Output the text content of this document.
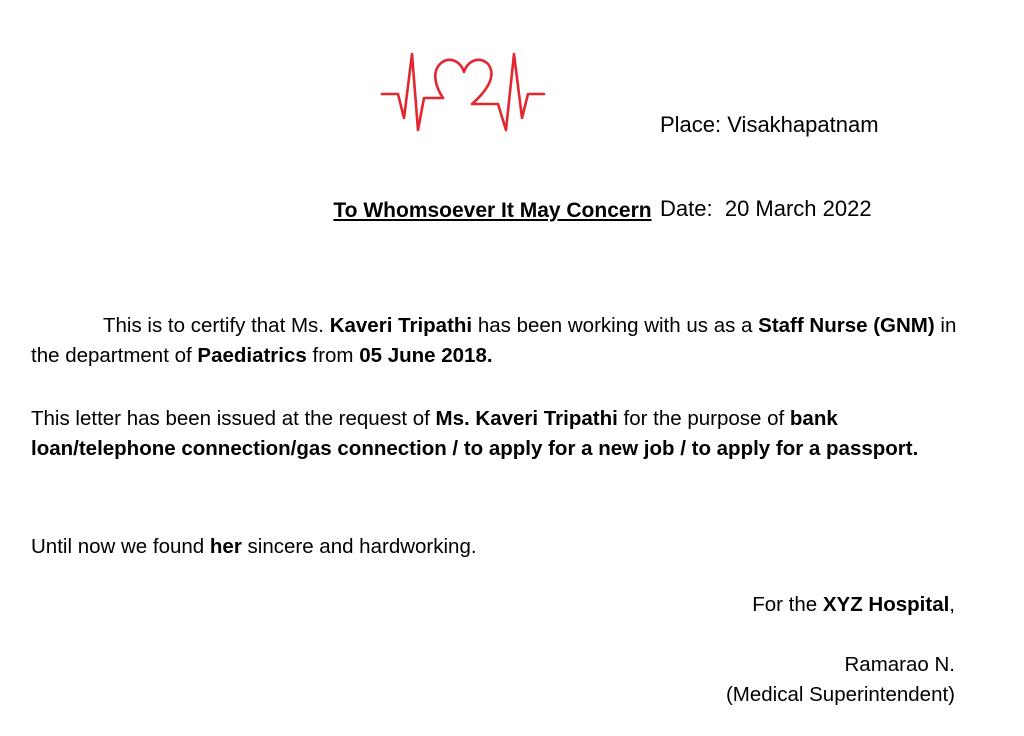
Place: Visakhapatnam

Date: 20 March 2022

To Whomsoever It May Concern
This is to certify that Ms. Kaveri Tripathi has been working with us as a Staff Nurse (GNM) in the department of Paediatrics from 05 June 2018.
This letter has been issued at the request of Ms. Kaveri Tripathi for the purpose of bank loan/telephone connection/gas connection / to apply for a new job / to apply for a passport.
Until now we found her sincere and hardworking.
For the XYZ Hospital,
Ramarao N.
(Medical Superintendent)
